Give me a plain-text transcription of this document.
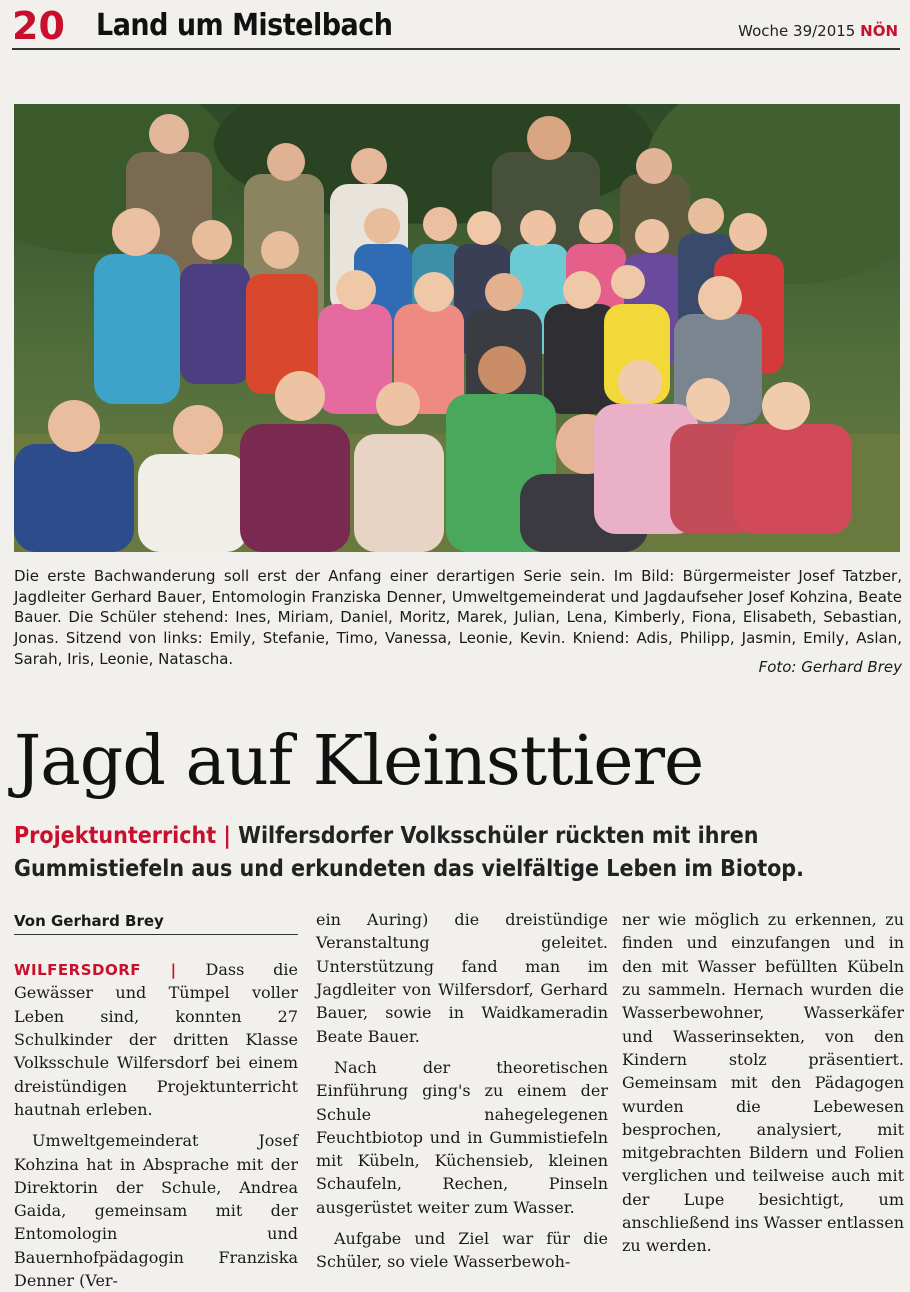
20 Land um Mistelbach	Woche 39/2015 NÖN
Die erste Bachwanderung soll erst der Anfang einer derartigen Serie sein. Im Bild: Bürgermeister Josef Tatzber, Jagdleiter Gerhard Bauer, Entomologin Franziska Denner, Umweltgemeinderat und Jagdaufseher Josef Kohzina, Beate Bauer. Die Schüler stehend: Ines, Miriam, Daniel, Moritz, Marek, Julian, Lena, Kimberly, Fiona, Elisabeth, Sebastian, Jonas. Sitzend von links: Emily, Stefanie, Timo, Vanessa, Leonie, Kevin. Kniend: Adis, Philipp, Jasmin, Emily, Aslan, Sarah, Iris, Leonie, Natascha.	Foto: Gerhard Brey
Jagd auf Kleinsttiere
Projektunterricht | Wilfersdorfer Volksschüler rückten mit ihren Gummistiefeln aus und erkundeten das vielfältige Leben im Biotop.
Von Gerhard Brey

WILFERSDORF | Dass die Gewässer und Tümpel voller Leben sind, konnten 27 Schulkinder der dritten Klasse Volksschule Wilfersdorf bei einem dreistündigen Projektunterricht hautnah erleben.

Umweltgemeinderat Josef Kohzina hat in Absprache mit der Direktorin der Schule, Andrea Gaida, gemeinsam mit der Entomologin und Bauernhofpädagogin Franziska Denner (Ver-

ein Auring) die dreistündige Veranstaltung geleitet. Unterstützung fand man im Jagdleiter von Wilfersdorf, Gerhard Bauer, sowie in Waidkameradin Beate Bauer.

Nach der theoretischen Einführung ging's zu einem der Schule nahegelegenen Feuchtbiotop und in Gummistiefeln mit Kübeln, Küchensieb, kleinen Schaufeln, Rechen, Pinseln ausgerüstet weiter zum Wasser.

Aufgabe und Ziel war für die Schüler, so viele Wasserbewoh-

ner wie möglich zu erkennen, zu finden und einzufangen und in den mit Wasser befüllten Kübeln zu sammeln. Hernach wurden die Wasserbewohner, Wasserkäfer und Wasserinsekten, von den Kindern stolz präsentiert. Gemeinsam mit den Pädagogen wurden die Lebewesen besprochen, analysiert, mit mitgebrachten Bildern und Folien verglichen und teilweise auch mit der Lupe besichtigt, um anschließend ins Wasser entlassen zu werden.
